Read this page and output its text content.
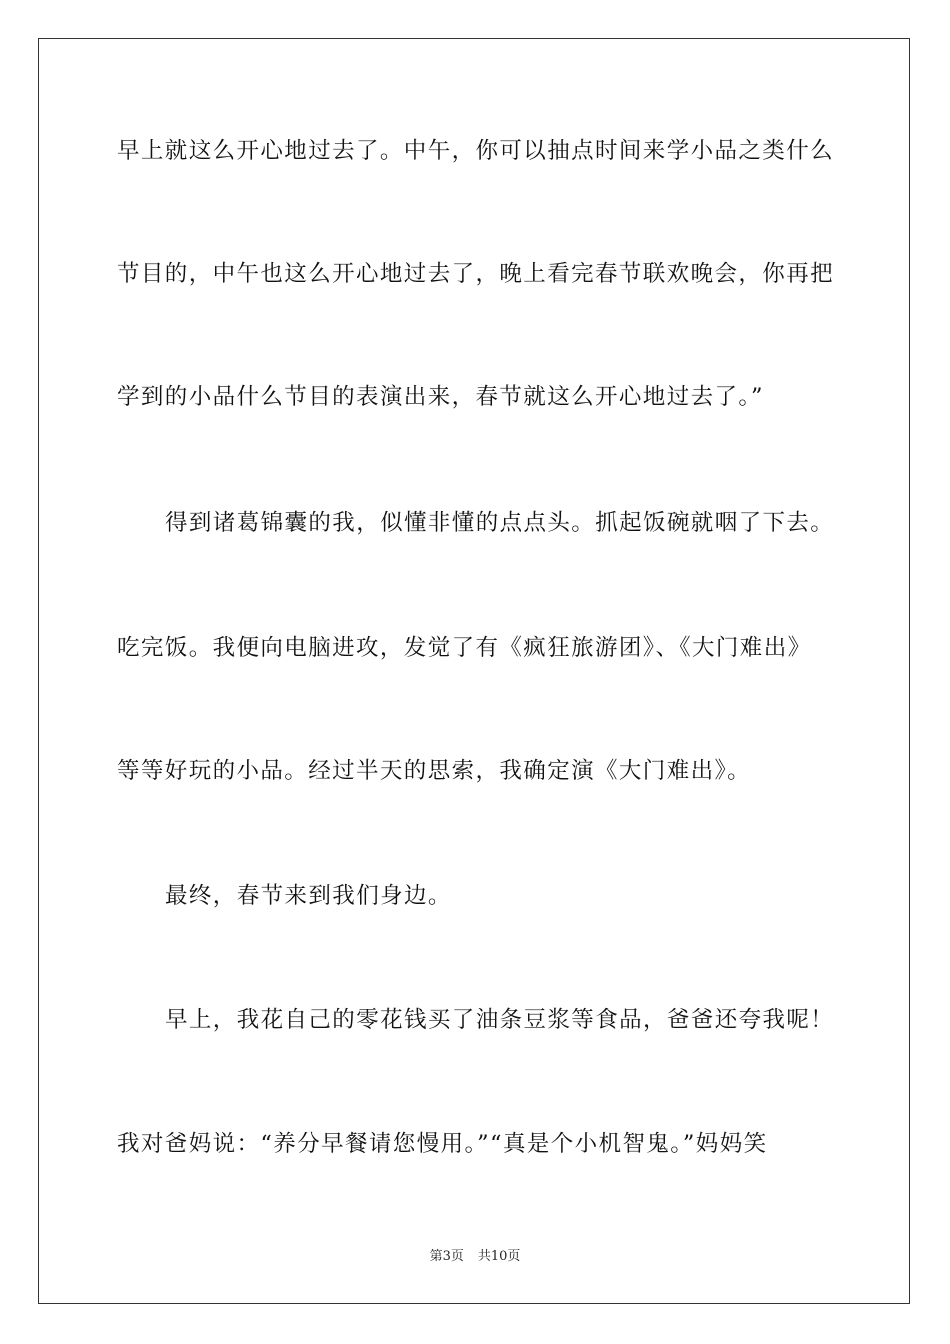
早上就这么开心地过去了。中午，你可以抽点时间来学小品之类什么
节目的，中午也这么开心地过去了，晚上看完春节联欢晚会，你再把
学到的小品什么节目的表演出来，春节就这么开心地过去了。”
得到诸葛锦囊的我，似懂非懂的点点头。抓起饭碗就咽了下去。
吃完饭。我便向电脑进攻，发觉了有《疯狂旅游团》、《大门难出》
等等好玩的小品。经过半天的思索，我确定演《大门难出》。
最终，春节来到我们身边。
早上，我花自己的零花钱买了油条豆浆等食品，爸爸还夸我呢！
我对爸妈说：“养分早餐请您慢用。”“真是个小机智鬼。”妈妈笑
第3页 共10页
